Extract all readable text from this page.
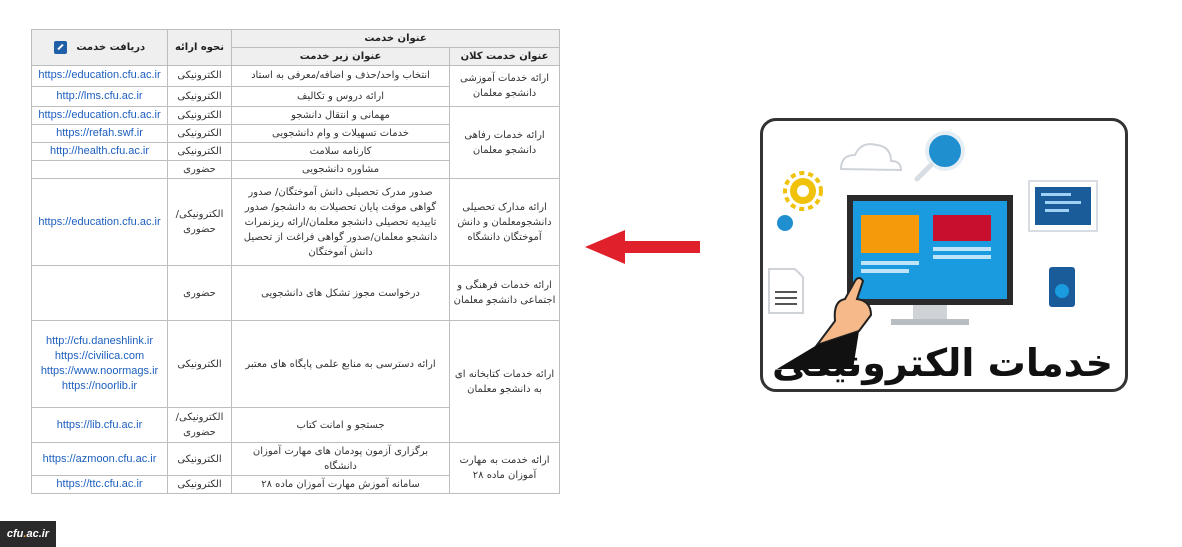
عنوان خدمت		نحوه ارائه	دریافت خدمت
عنوان خدمت کلان	عنوان زیر خدمت		
ارائه خدمات آموزشی دانشجو معلمان	انتخاب واحد/حذف و اضافه/معرفی به استاد	الکترونیکی	https://education.cfu.ac.ir
	ارائه دروس و تکالیف	الکترونیکی	http://lms.cfu.ac.ir
ارائه خدمات رفاهی دانشجو معلمان	مهمانی و انتقال دانشجو	الکترونیکی	https://education.cfu.ac.ir
	خدمات تسهیلات و وام دانشجویی	الکترونیکی	https://refah.swf.ir
	کارنامه سلامت	الکترونیکی	http://health.cfu.ac.ir
	مشاوره دانشجویی	حضوری	
ارائه مدارک تحصیلی دانشجومعلمان و دانش آموختگان دانشگاه	صدور مدرک تحصیلی دانش آموختگان/ صدور گواهی موقت پایان تحصیلات به دانشجو/ صدور تاییدیه تحصیلی دانشجو معلمان/ارائه ریزنمرات دانشجو معلمان/صدور گواهی فراغت از تحصیل دانش آموختگان	الکترونیکی/ حضوری	https://education.cfu.ac.ir
ارائه خدمات فرهنگی و اجتماعی دانشجو معلمان	درخواست مجوز تشکل های دانشجویی	حضوری	
ارائه خدمات کتابخانه ای به دانشجو معلمان	ارائه دسترسی به منابع علمی پایگاه های معتبر	الکترونیکی	http://cfu.daneshlink.ir
https://civilica.com
https://www.noormags.ir
https://noorlib.ir

	جستجو و امانت کتاب	الکترونیکی/ حضوری	https://lib.cfu.ac.ir
ارائه خدمت به مهارت آموزان ماده ۲۸	برگزاری آزمون پودمان های مهارت آموزان دانشگاه	الکترونیکی	https://azmoon.cfu.ac.ir
	سامانه آموزش مهارت آموزان ماده ۲۸	الکترونیکی	https://ttc.cfu.ac.ir
خدمات الکترونیکی
cfu.ac.ir
